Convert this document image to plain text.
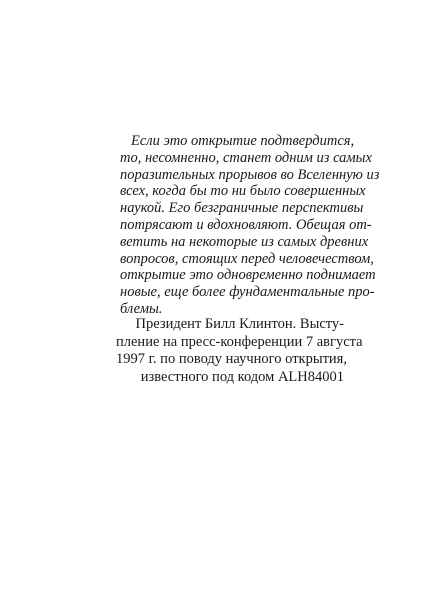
Если это открытие подтвердится,
то, несомненно, станет одним из самых
поразительных прорывов во Вселенную из
всех, когда бы то ни было совершенных
наукой. Его безграничные перспективы
потрясают и вдохновляют. Обещая от-
ветить на некоторые из самых древних
вопросов, стоящих перед человечеством,
открытие это одновременно поднимает
новые, еще более фундаментальные про-
блемы.
Президент Билл Клинтон. Высту-
пление на пресс-конференции 7 августа
1997 г. по поводу научного открытия,
известного под кодом ALH84001
